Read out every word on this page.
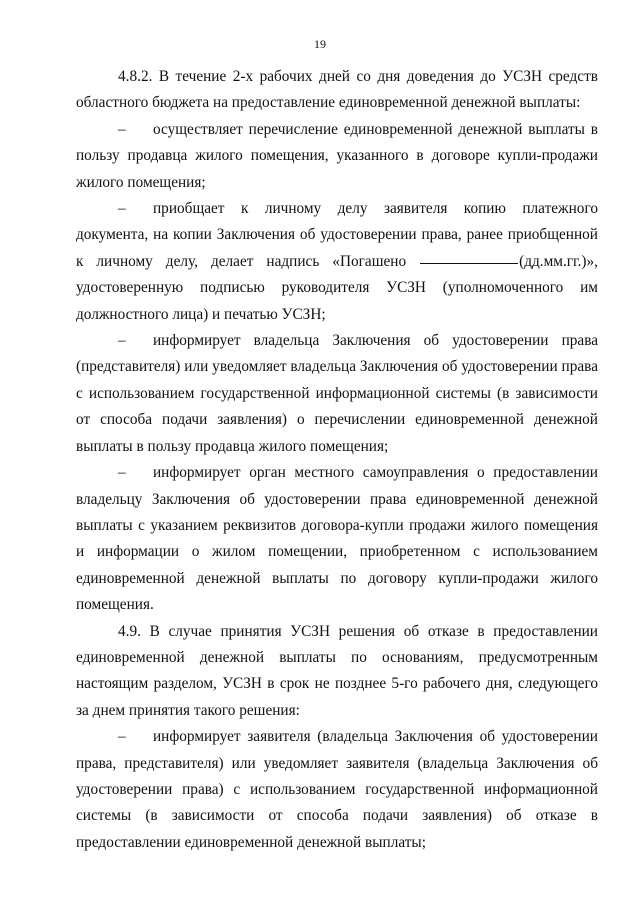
19

4.8.2. В течение 2-х рабочих дней со дня доведения до УСЗН средств областного бюджета на предоставление единовременной денежной выплаты:

– осуществляет перечисление единовременной денежной выплаты в пользу продавца жилого помещения, указанного в договоре купли-продажи жилого помещения;

– приобщает к личному делу заявителя копию платежного документа, на копии Заключения об удостоверении права, ранее приобщенной к личному делу, делает надпись «Погашено	(дд.мм.гг.)», удостоверенную подписью руководителя УСЗН (уполномоченного им должностного лица) и печатью УСЗН;

– информирует владельца Заключения об удостоверении права (представителя) или уведомляет владельца Заключения об удостоверении права с использованием государственной информационной системы (в зависимости от способа подачи заявления) о перечислении единовременной денежной выплаты в пользу продавца жилого помещения;

– информирует орган местного самоуправления о предоставлении владельцу Заключения об удостоверении права единовременной денежной выплаты с указанием реквизитов договора-купли продажи жилого помещения и информации о жилом помещении, приобретенном с использованием единовременной денежной выплаты по договору купли-продажи жилого помещения.

4.9. В случае принятия УСЗН решения об отказе в предоставлении единовременной денежной выплаты по основаниям, предусмотренным настоящим разделом, УСЗН в срок не позднее 5-го рабочего дня, следующего за днем принятия такого решения:

– информирует заявителя (владельца Заключения об удостоверении права, представителя) или уведомляет заявителя (владельца Заключения об удостоверении права) с использованием государственной информационной системы (в зависимости от способа подачи заявления) об отказе в предоставлении единовременной денежной выплаты;
